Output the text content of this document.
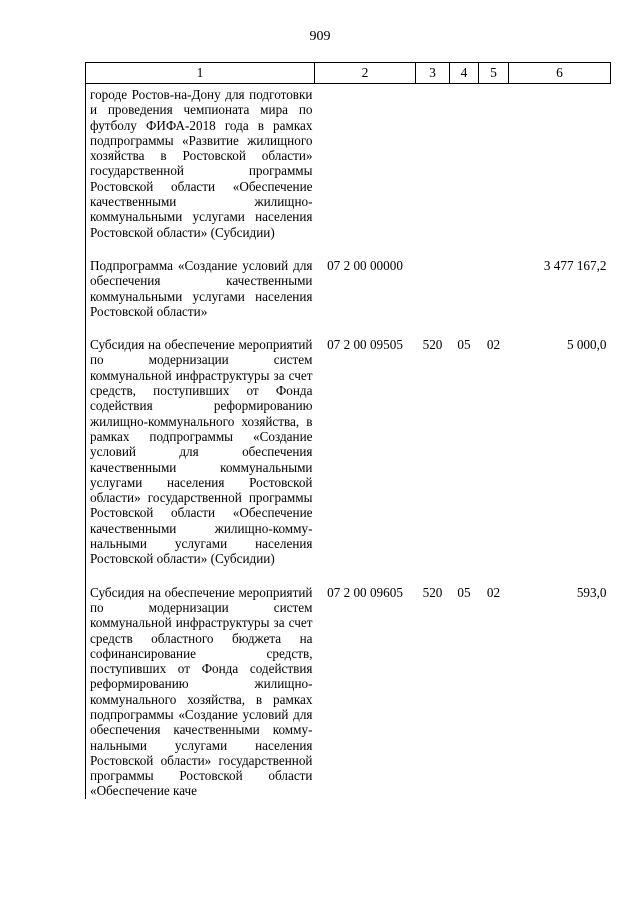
909
1	2	3	4	5	6
городе Ростов-на-Дону для подготовки и проведения чемпионата мира по футболу ФИФА-2018 года в рамках подпрограммы «Развитие жилищного хозяйства в Ростовской области» государственной программы Ростовской области «Обеспечение качественными жилищно-коммунальными услугами населения Ростовской области» (Субсидии)					

Подпрограмма «Создание условий для обеспечения качественными коммунальными услугами населения Ростовской области»	07 2 00 00000				3 477 167,2

Субсидия на обеспечение мероприятий по модернизации систем коммунальной инфраструктуры за счет средств, поступивших от Фонда содействия реформированию жилищно-коммунального хозяйства, в рамках подпрограммы «Создание условий для обеспечения качественными коммунальными услугами населения Ростовской области» государственной программы Ростовской области «Обеспечение качественными жилищно-коммунальными услугами населения Ростовской области» (Субсидии)	07 2 00 09505	520	05	02	5 000,0

Субсидия на обеспечение мероприятий по модернизации систем коммунальной инфраструктуры за счет средств областного бюджета на софинансирование средств, поступивших от Фонда содействия реформированию жилищно-коммунального хозяйства, в рамках подпрограммы «Создание условий для обеспечения качественными коммунальными услугами населения Ростовской области» государственной программы Ростовской области «Обеспечение каче	07 2 00 09605	520	05	02	593,0
